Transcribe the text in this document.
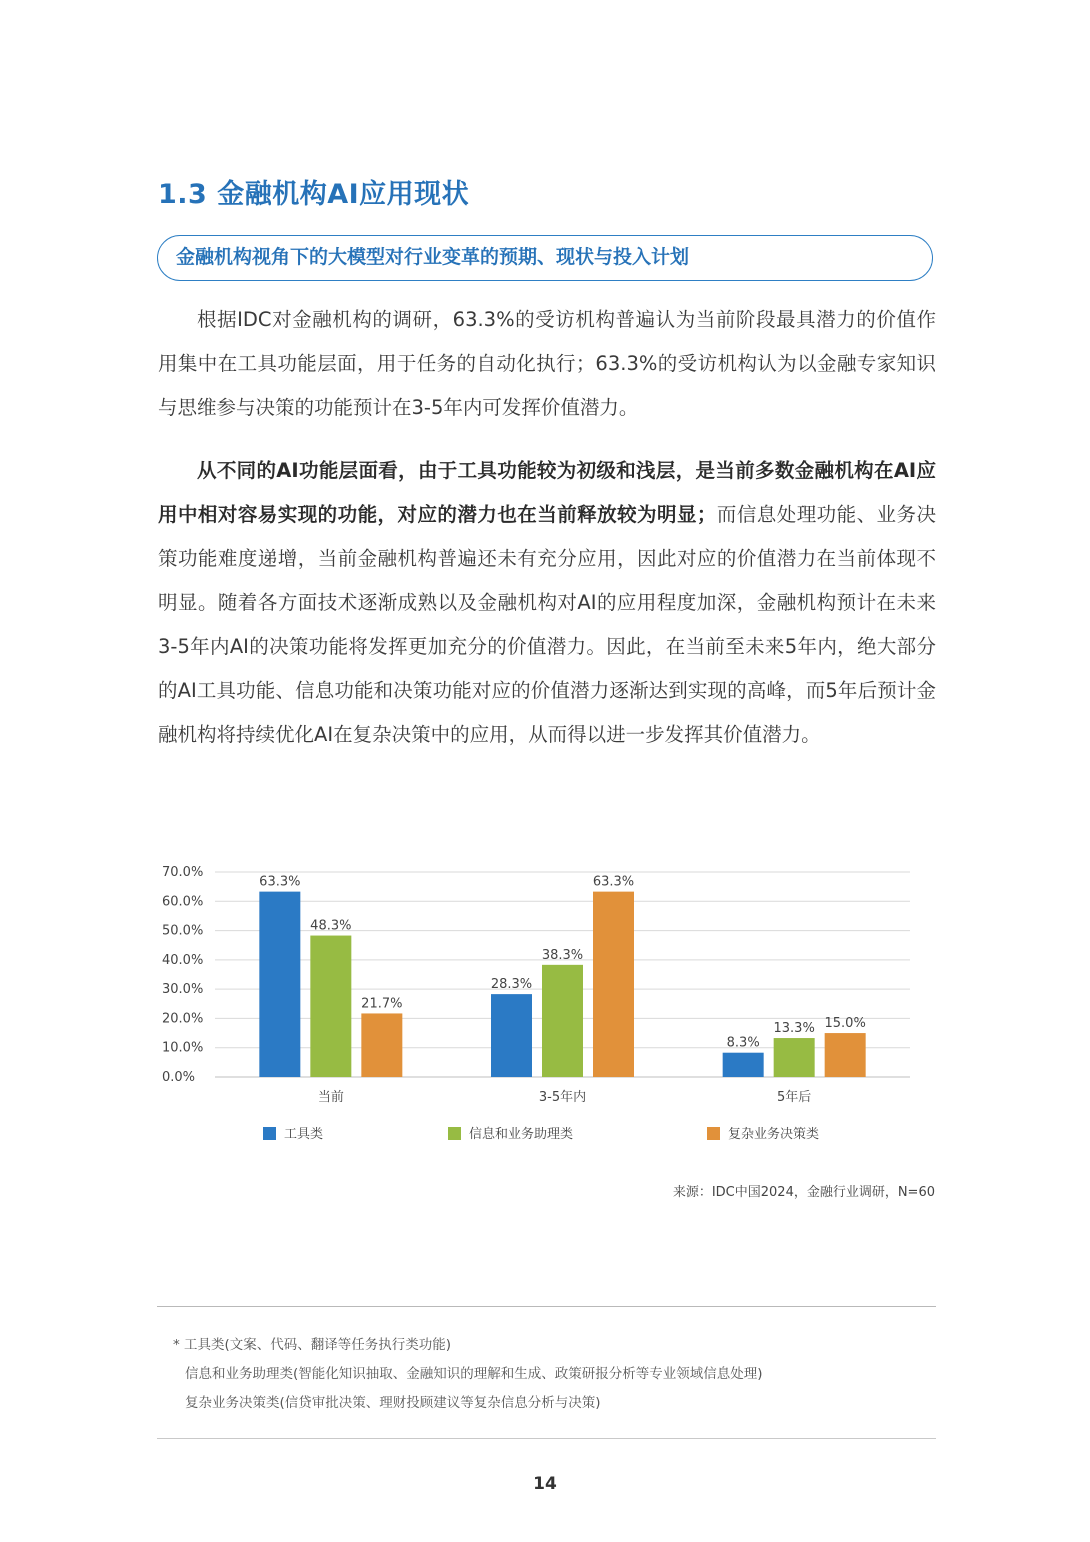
1.3 金融机构AI应用现状
金融机构视角下的大模型对行业变革的预期、现状与投入计划

根据IDC对金融机构的调研，63.3%的受访机构普遍认为当前阶段最具潜力的价值作用集中在工具功能层面，用于任务的自动化执行；63.3%的受访机构认为以金融专家知识与思维参与决策的功能预计在3-5年内可发挥价值潜力。

从不同的AI功能层面看，由于工具功能较为初级和浅层，是当前多数金融机构在AI应用中相对容易实现的功能，对应的潜力也在当前释放较为明显；而信息处理功能、业务决策功能难度递增，当前金融机构普遍还未有充分应用，因此对应的价值潜力在当前体现不明显。随着各方面技术逐渐成熟以及金融机构对AI的应用程度加深，金融机构预计在未来3-5年内AI的决策功能将发挥更加充分的价值潜力。因此，在当前至未来5年内，绝大部分的AI工具功能、信息功能和决策功能对应的价值潜力逐渐达到实现的高峰，而5年后预计金融机构将持续优化AI在复杂决策中的应用，从而得以进一步发挥其价值潜力。

0.0%
10.0%
20.0%
30.0%
40.0%
50.0%
60.0%
70.0%
63.3%
48.3%
21.7%
当前
28.3%
38.3%
63.3%
3-5年内
8.3%
13.3% 15.0%
5年后
工具类	信息和业务助理类	复杂业务决策类
来源：IDC中国2024，金融行业调研，N=60
* 工具类(文案、代码、翻译等任务执行类功能)
信息和业务助理类(智能化知识抽取、金融知识的理解和生成、政策研报分析等专业领域信息处理)
复杂业务决策类(信贷审批决策、理财投顾建议等复杂信息分析与决策)
14
